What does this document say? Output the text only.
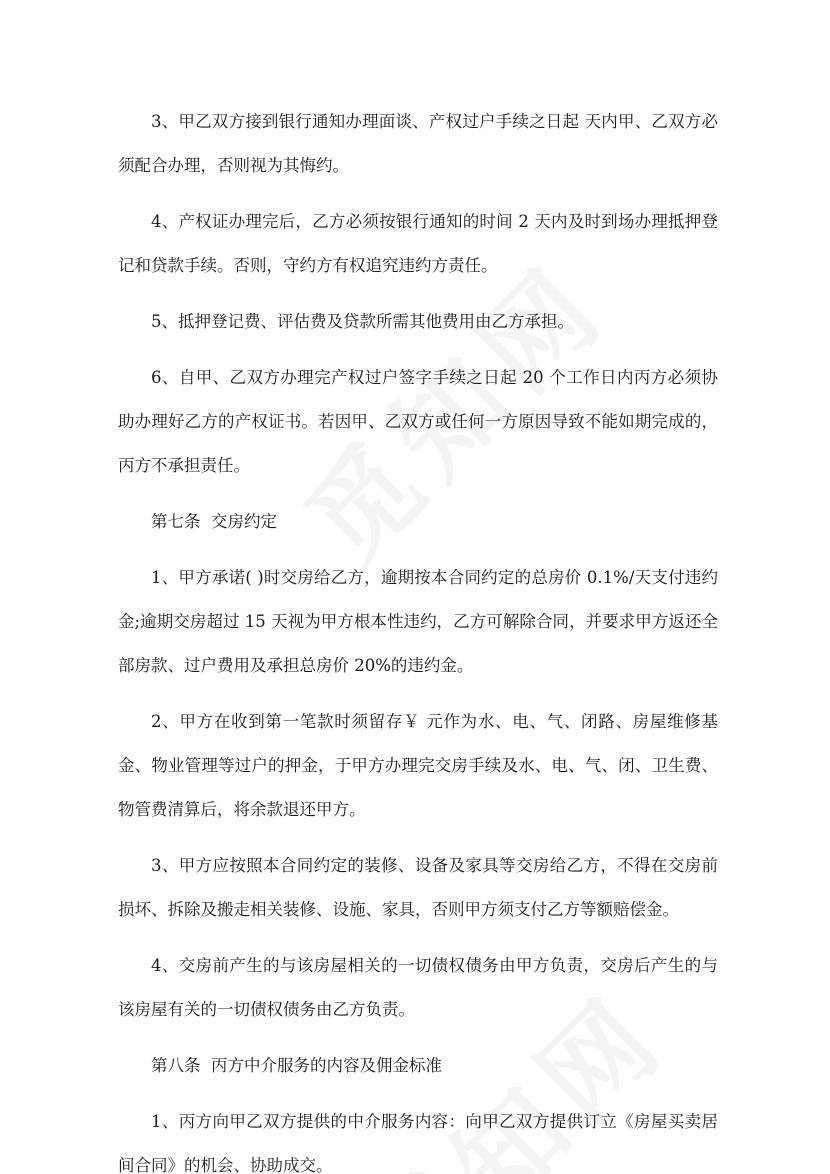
3、甲乙双方接到银行通知办理面谈、产权过户手续之日起 天内甲、乙双方必须配合办理，否则视为其悔约。

4、产权证办理完后，乙方必须按银行通知的时间 2 天内及时到场办理抵押登记和贷款手续。否则，守约方有权追究违约方责任。

5、抵押登记费、评估费及贷款所需其他费用由乙方承担。

6、自甲、乙双方办理完产权过户签字手续之日起 20 个工作日内丙方必须协助办理好乙方的产权证书。若因甲、乙双方或任何一方原因导致不能如期完成的，丙方不承担责任。

第七条  交房约定

1、甲方承诺( )时交房给乙方，逾期按本合同约定的总房价 0.1%/天支付违约金;逾期交房超过 15 天视为甲方根本性违约，乙方可解除合同，并要求甲方返还全部房款、过户费用及承担总房价 20%的违约金。

2、甲方在收到第一笔款时须留存￥ 元作为水、电、气、闭路、房屋维修基金、物业管理等过户的押金，于甲方办理完交房手续及水、电、气、闭、卫生费、物管费清算后，将余款退还甲方。

3、甲方应按照本合同约定的装修、设备及家具等交房给乙方，不得在交房前损坏、拆除及搬走相关装修、设施、家具，否则甲方须支付乙方等额赔偿金。

4、交房前产生的与该房屋相关的一切债权债务由甲方负责，交房后产生的与该房屋有关的一切债权债务由乙方负责。

第八条  丙方中介服务的内容及佣金标准

1、丙方向甲乙双方提供的中介服务内容：向甲乙双方提供订立《房屋买卖居间合同》的机会、协助成交。
